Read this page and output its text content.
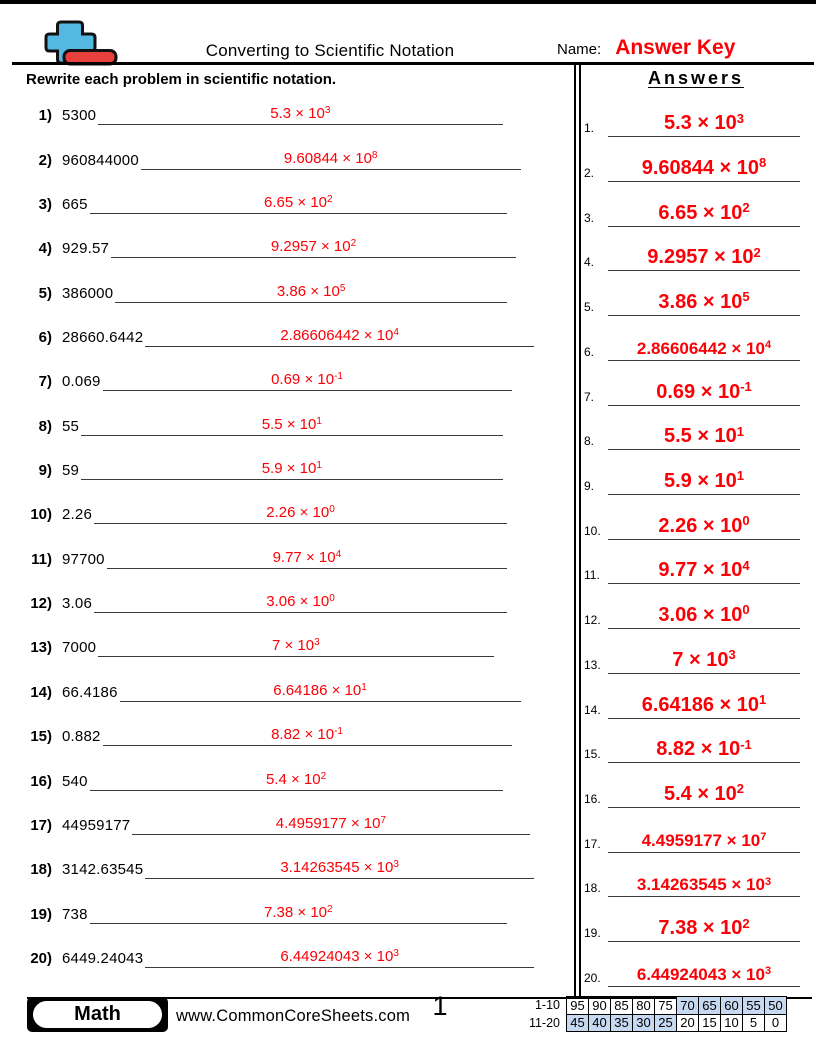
Converting to Scientific Notation	Name: Answer Key
Rewrite each problem in scientific notation.
1) 5300	$5.3 \times 10^3$
2) 960844000	$9.60844 \times 10^8$
3) 665	$6.65 \times 10^2$
4) 929.57	$9.2957 \times 10^2$
5) 386000	$3.86 \times 10^5$
6) 28660.6442	$2.86606442 \times 10^4$
7) 0.069	$0.69 \times 10^{-1}$
8) 55	$5.5 \times 10^1$
9) 59	$5.9 \times 10^1$
10) 2.26	$2.26 \times 10^0$
11) 97700	$9.77 \times 10^4$
12) 3.06	$3.06 \times 10^0$
13) 7000	$7 \times 10^3$
14) 66.4186	$6.64186 \times 10^1$
15) 0.882	$8.82 \times 10^{-1}$
16) 540	$5.4 \times 10^2$
17) 44959177	$4.4959177 \times 10^7$
18) 3142.63545	$3.14263545 \times 10^3$
19) 738	$7.38 \times 10^2$
20) 6449.24043	$6.44924043 \times 10^3$
Answers
1.	$5.3 \times 10^3$
2.	$9.60844 \times 10^8$
3.	$6.65 \times 10^2$
4.	$9.2957 \times 10^2$
5.	$3.86 \times 10^5$
6.	$2.86606442 \times 10^4$
7.	$0.69 \times 10^{-1}$
8.	$5.5 \times 10^1$
9.	$5.9 \times 10^1$
10.	$2.26 \times 10^0$
11.	$9.77 \times 10^4$
12.	$3.06 \times 10^0$
13.	$7 \times 10^3$
14.	$6.64186 \times 10^1$
15.	$8.82 \times 10^{-1}$
16.	$5.4 \times 10^2$
17.	$4.4959177 \times 10^7$
18.	$3.14263545 \times 10^3$
19.	$7.38 \times 10^2$
20.	$6.44924043 \times 10^3$
Math	www.CommonCoreSheets.com 1	1-10	95	90	85	80	75	70	65	60	55	50
11-20	45	40	35	30	25	20	15	10	5	0
